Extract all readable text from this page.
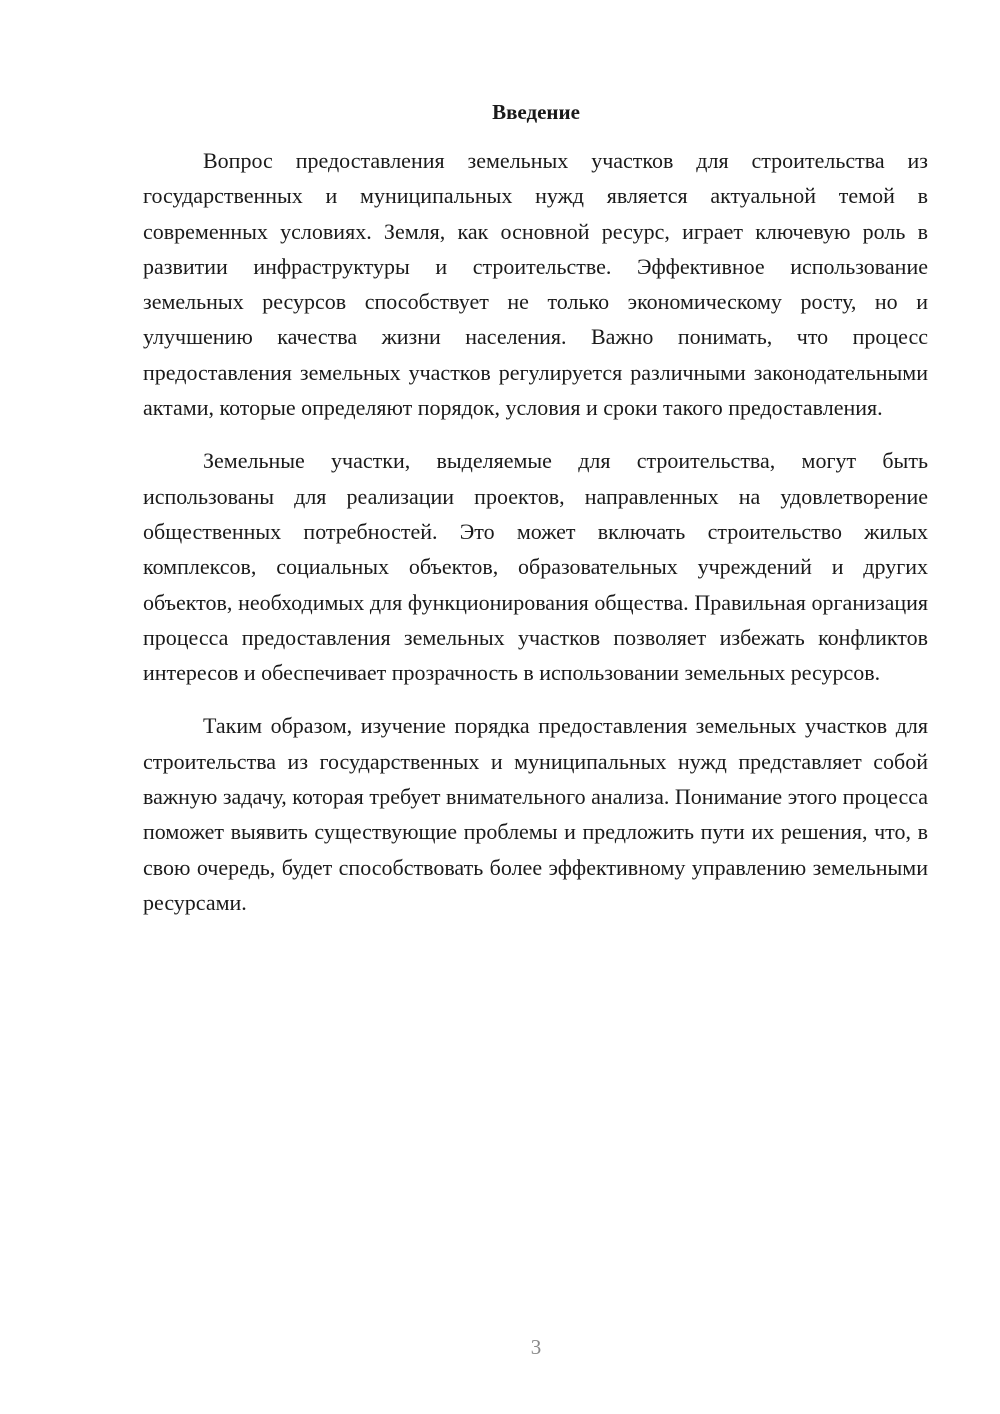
Введение

Вопрос предоставления земельных участков для строительства из государственных и муниципальных нужд является актуальной темой в современных условиях. Земля, как основной ресурс, играет ключевую роль в развитии инфраструктуры и строительстве. Эффективное использование земельных ресурсов способствует не только экономическому росту, но и улучшению качества жизни населения. Важно понимать, что процесс предоставления земельных участков регулируется различными законодательными актами, которые определяют порядок, условия и сроки такого предоставления.

Земельные участки, выделяемые для строительства, могут быть использованы для реализации проектов, направленных на удовлетворение общественных потребностей. Это может включать строительство жилых комплексов, социальных объектов, образовательных учреждений и других объектов, необходимых для функционирования общества. Правильная организация процесса предоставления земельных участков позволяет избежать конфликтов интересов и обеспечивает прозрачность в использовании земельных ресурсов.

Таким образом, изучение порядка предоставления земельных участков для строительства из государственных и муниципальных нужд представляет собой важную задачу, которая требует внимательного анализа. Понимание этого процесса поможет выявить существующие проблемы и предложить пути их решения, что, в свою очередь, будет способствовать более эффективному управлению земельными ресурсами.

3
